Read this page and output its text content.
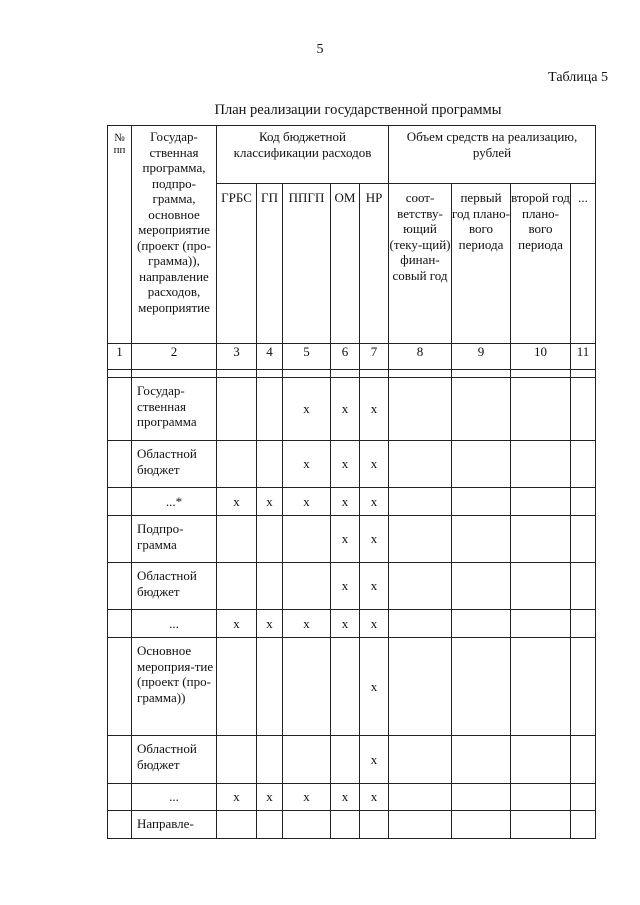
5
Таблица 5
План реализации государственной программы
№ пп	Государ-ственная программа, подпро-грамма, основное мероприятие (проект (про-грамма)), направление расходов, мероприятие	Код бюджетной классификации расходов					Объем средств на реализацию, рублей			
		ГРБС	ГП	ППГП	ОМ	НР	соот-ветству-ющий (теку-щий) финан-совый год	первый год плано-вого периода	второй год плано-вого периода	...
1	2	3	4	5	6	7	8	9	10	11

	Государ-ственная программа			x	x	x				
	Областной бюджет			x	x	x				
	...*	x	x	x	x	x				
	Подпро-грамма				x	x				
	Областной бюджет				x	x				
	...	x	x	x	x	x				
	Основное мероприя-тие (проект (про-грамма))					x				
	Областной бюджет					x				
	...	x	x	x	x	x				
	Направле-									
